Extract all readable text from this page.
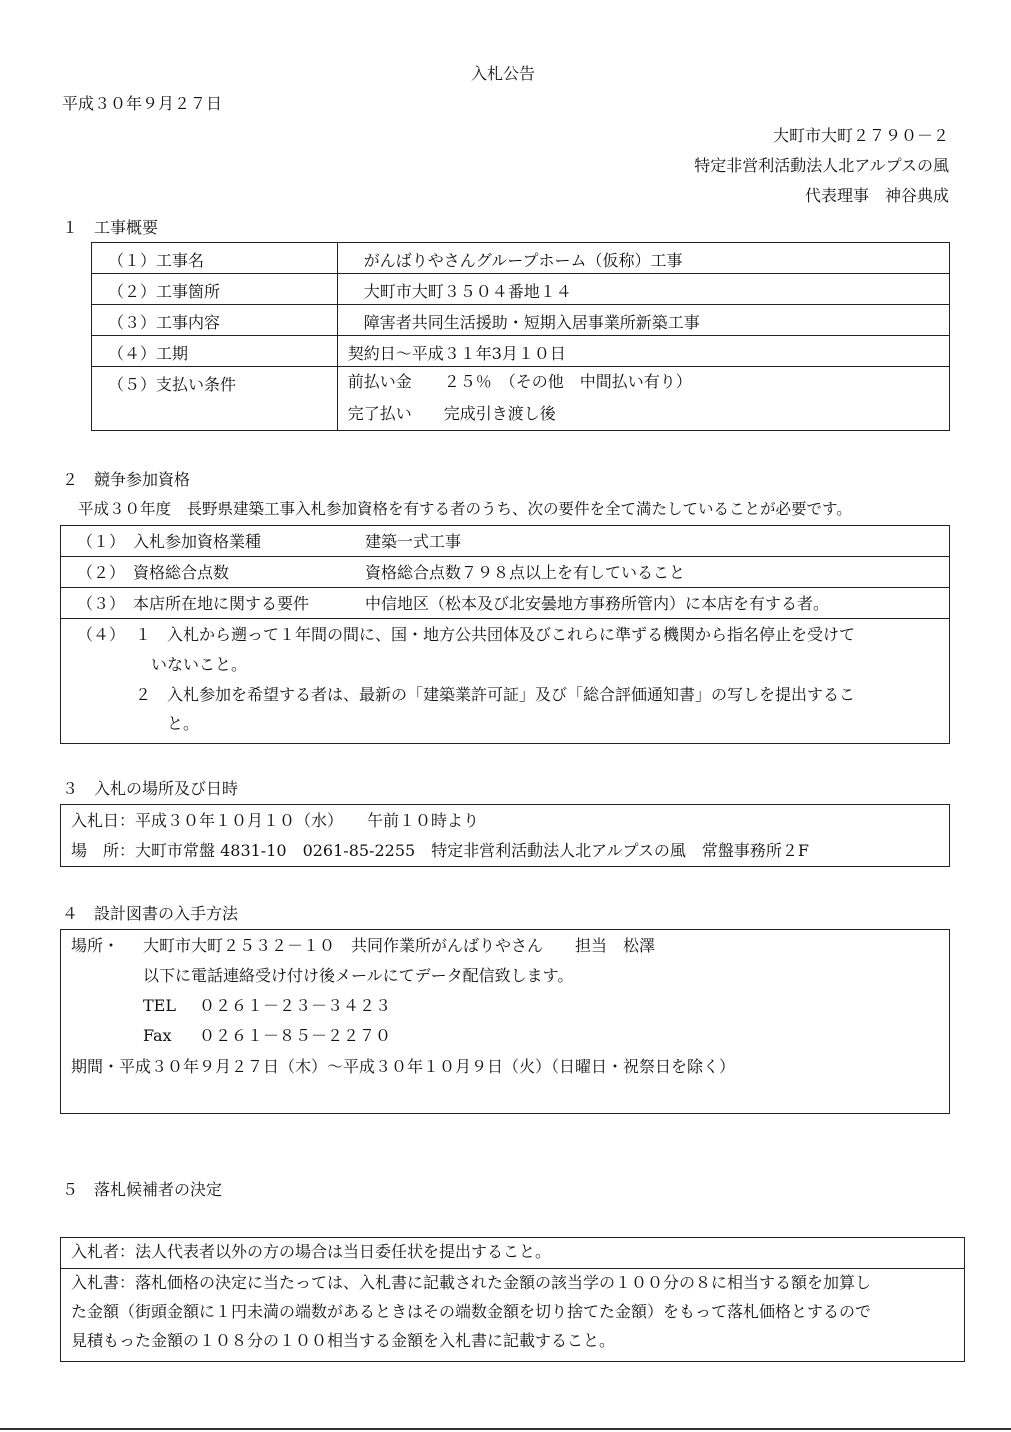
入札公告
平成３０年９月２７日
大町市大町２７９０－２
特定非営利活動法人北アルプスの風
代表理事　神谷典成
１　工事概要
（１）工事名	がんばりやさんグループホーム（仮称）工事

（２）工事箇所	大町市大町３５０４番地１４

（３）工事内容	障害者共同生活援助・短期入居事業所新築工事

（４）工期	契約日～平成３１年3月１０日

（５）支払い条件	前払い金　　２５％　（その他　中間払い有り）
完了払い　　完成引き渡し後
２　競争参加資格
平成３０年度　長野県建築工事入札参加資格を有する者のうち、次の要件を全て満たしていることが必要です。
（１）　入札参加資格業種	建築一式工事

（２）　資格総合点数	資格総合点数７９８点以上を有していること

（３）　本店所在地に関する要件	中信地区（松本及び北安曇地方事務所管内）に本店を有する者。

（４） １ 入札から遡って１年間の間に、国・地方公共団体及びこれらに準ずる機関から指名停止を受けて
いないこと。
２ 入札参加を希望する者は、最新の「建築業許可証」及び「総合評価通知書」の写しを提出するこ
と。
３　入札の場所及び日時
入札日：平成３０年１０月１０（水）　　午前１０時より
場　所：大町市常盤 4831-10　0261-85-2255　特定非営利活動法人北アルプスの風　常盤事務所２F
４　設計図書の入手方法
場所・ 大町市大町２５３２－１０　共同作業所がんばりやさん　　担当　松澤
以下に電話連絡受け付け後メールにてデータ配信致します。
TEL ０２６１－２３－３４２３
Fax ０２６１－８５－２２７０
期間・平成３０年９月２７日（木）～平成３０年１０月９日（火）（日曜日・祝祭日を除く）
５　落札候補者の決定
入札者：法人代表者以外の方の場合は当日委任状を提出すること。

入札書：落札価格の決定に当たっては、入札書に記載された金額の該当学の１００分の８に相当する額を加算し
た金額（街頭金額に１円未満の端数があるときはその端数金額を切り捨てた金額）をもって落札価格とするので
見積もった金額の１０８分の１００相当する金額を入札書に記載すること。
